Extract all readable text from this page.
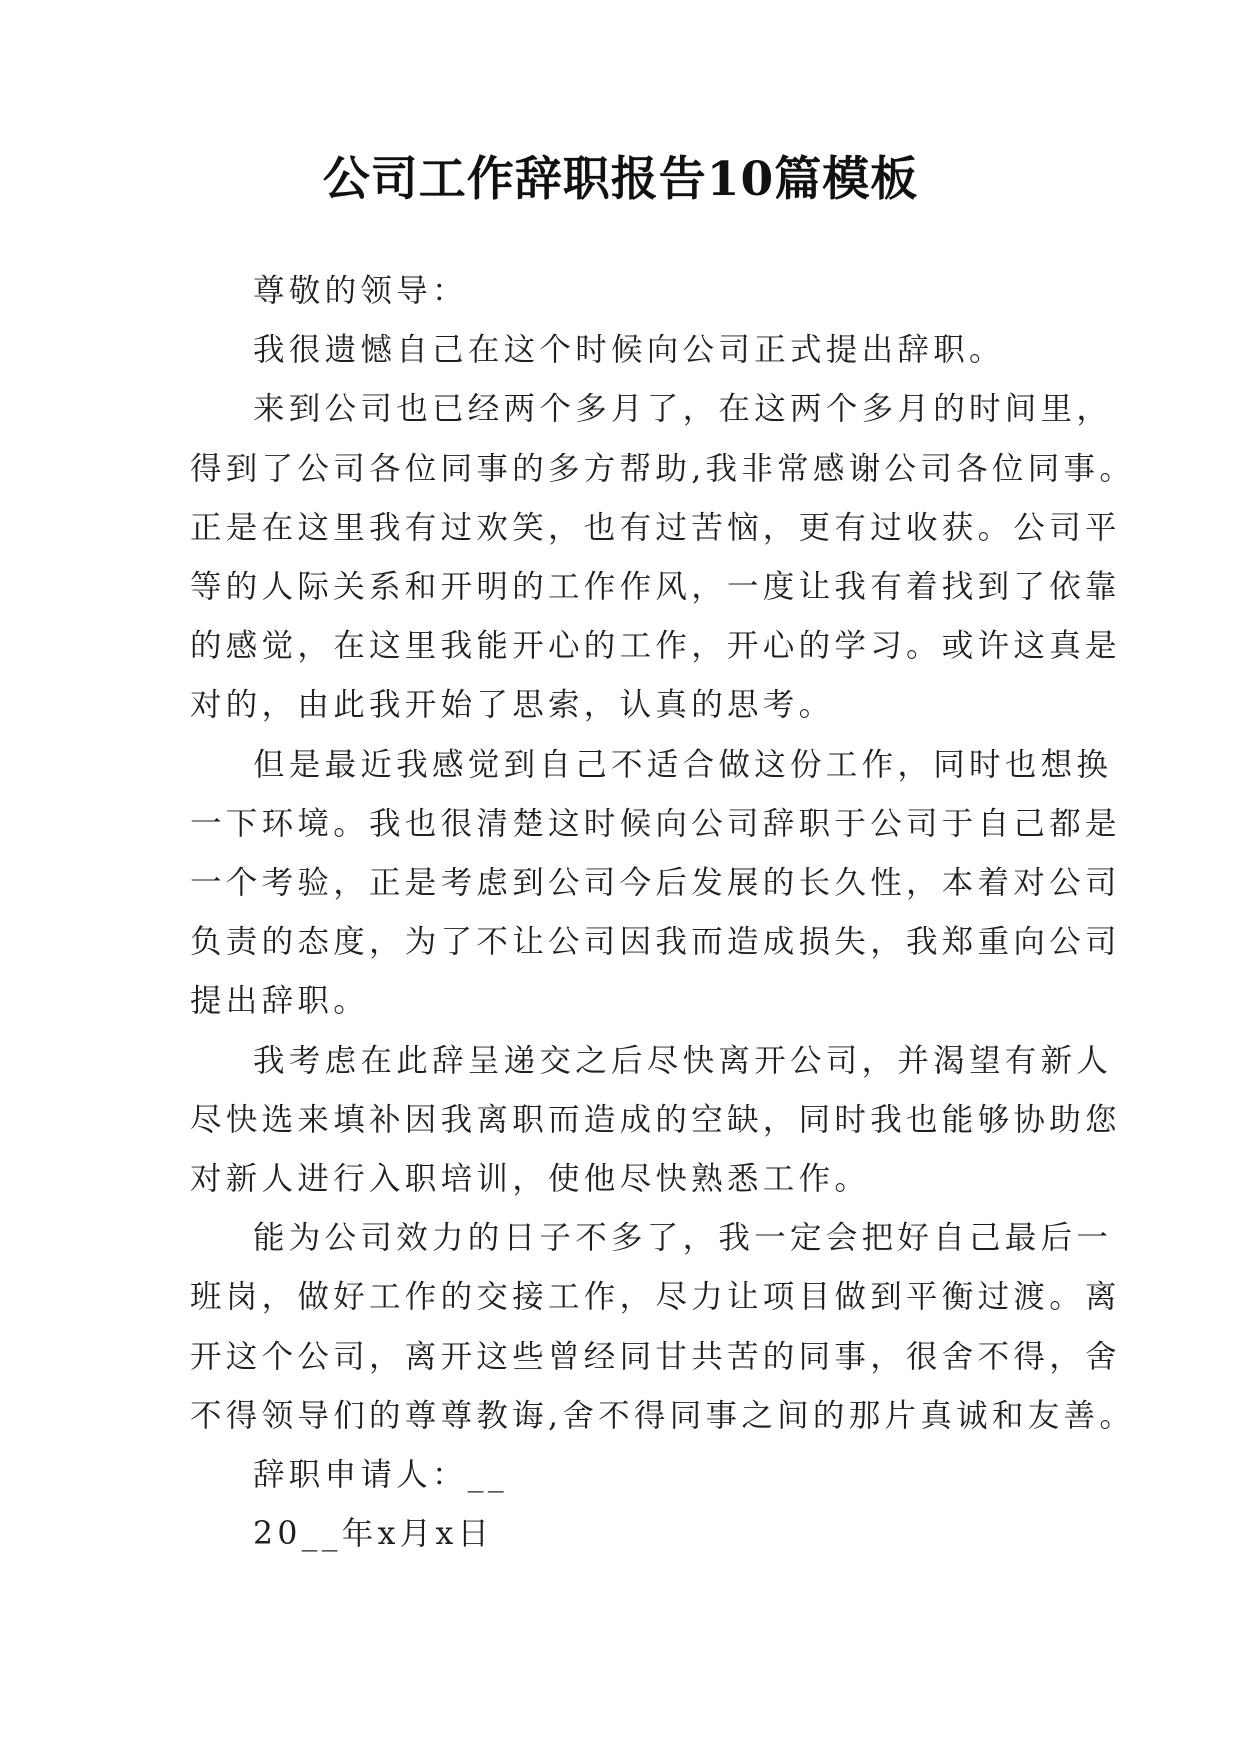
公司工作辞职报告10篇模板

尊敬的领导：

我很遗憾自己在这个时候向公司正式提出辞职。
来到公司也已经两个多月了，在这两个多月的时间里，
得到了公司各位同事的多方帮助,我非常感谢公司各位同事。
正是在这里我有过欢笑，也有过苦恼，更有过收获。公司平
等的人际关系和开明的工作作风，一度让我有着找到了依靠
的感觉，在这里我能开心的工作，开心的学习。或许这真是
对的，由此我开始了思索，认真的思考。
但是最近我感觉到自己不适合做这份工作，同时也想换
一下环境。我也很清楚这时候向公司辞职于公司于自己都是
一个考验，正是考虑到公司今后发展的长久性，本着对公司
负责的态度，为了不让公司因我而造成损失，我郑重向公司
提出辞职。
我考虑在此辞呈递交之后尽快离开公司，并渴望有新人
尽快选来填补因我离职而造成的空缺，同时我也能够协助您
对新人进行入职培训，使他尽快熟悉工作。
能为公司效力的日子不多了，我一定会把好自己最后一
班岗，做好工作的交接工作，尽力让项目做到平衡过渡。离
开这个公司，离开这些曾经同甘共苦的同事，很舍不得，舍
不得领导们的尊尊教诲,舍不得同事之间的那片真诚和友善。

辞职申请人：__

20__年x月x日
